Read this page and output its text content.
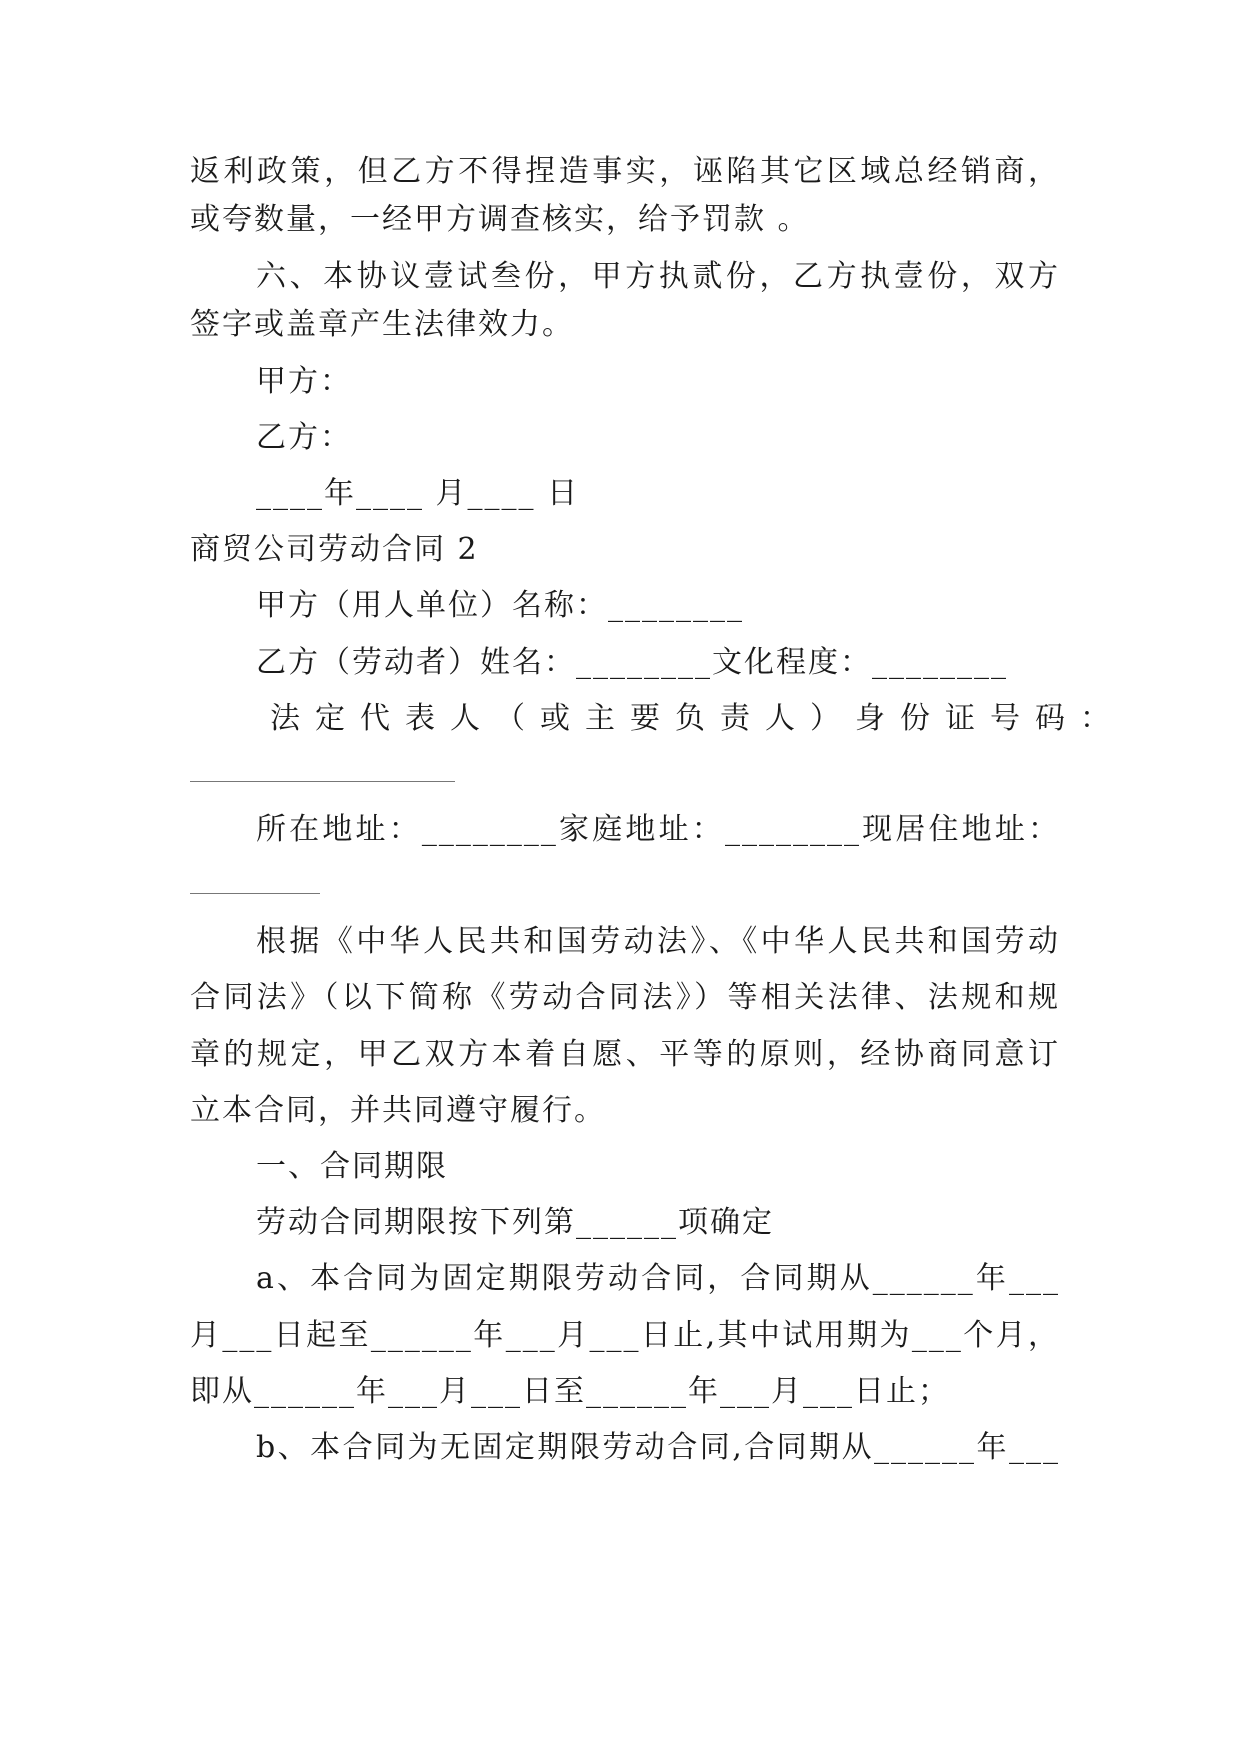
返利政策，但乙方不得捏造事实，诬陷其它区域总经销商，
或夸数量，一经甲方调查核实，给予罚款 。
六、本协议壹试叁份，甲方执贰份，乙方执壹份，双方
签字或盖章产生法律效力。
甲方：
乙方：
____年____ 月____ 日
商贸公司劳动合同 2
甲方（用人单位）名称：________
乙方（劳动者）姓名：________文化程度：________
法定代表人（或主要负责人）身份证号码：
所在地址：________家庭地址：________现居住地址：
根据《中华人民共和国劳动法》、《中华人民共和国劳动
合同法》（以下简称《劳动合同法》）等相关法律、法规和规
章的规定，甲乙双方本着自愿、平等的原则，经协商同意订
立本合同，并共同遵守履行。
一、合同期限
劳动合同期限按下列第______项确定
a、本合同为固定期限劳动合同，合同期从______年___
月___日起至______年___月___日止,其中试用期为___个月，
即从______年___月___日至______年___月___日止；
b、本合同为无固定期限劳动合同,合同期从______年___
